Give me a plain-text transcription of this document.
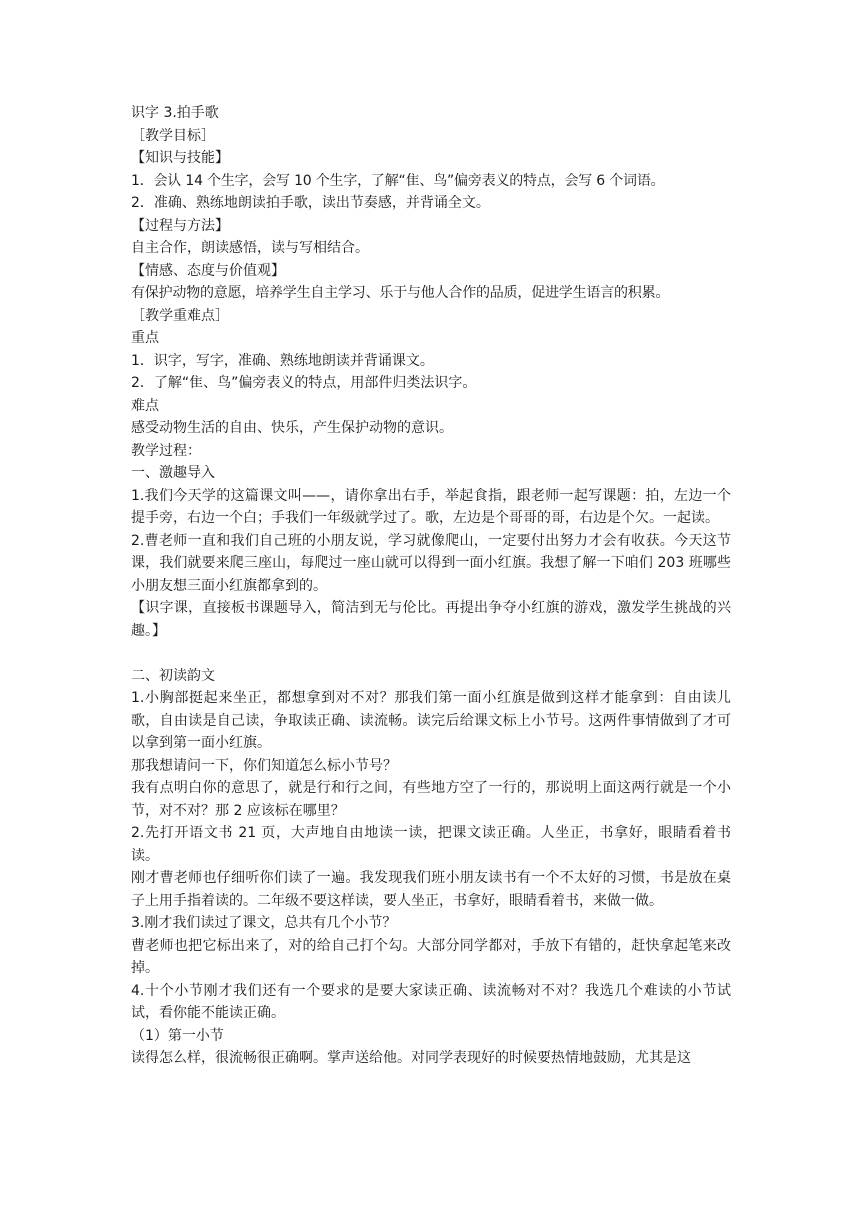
识字 3.拍手歌
［教学目标］
【知识与技能】
1．会认 14 个生字，会写 10 个生字，了解“隹、鸟”偏旁表义的特点，会写 6 个词语。
2．准确、熟练地朗读拍手歌，读出节奏感，并背诵全文。
【过程与方法】
自主合作，朗读感悟，读与写相结合。
【情感、态度与价值观】
有保护动物的意愿，培养学生自主学习、乐于与他人合作的品质，促进学生语言的积累。
［教学重难点］
重点
1．识字，写字，准确、熟练地朗读并背诵课文。
2．了解“隹、鸟”偏旁表义的特点，用部件归类法识字。
难点
感受动物生活的自由、快乐，产生保护动物的意识。
教学过程：
一、激趣导入
1.我们今天学的这篇课文叫——，请你拿出右手，举起食指，跟老师一起写课题：拍，左边一个提手旁，右边一个白；手我们一年级就学过了。歌，左边是个哥哥的哥，右边是个欠。一起读。
2.曹老师一直和我们自己班的小朋友说，学习就像爬山，一定要付出努力才会有收获。今天这节课，我们就要来爬三座山，每爬过一座山就可以得到一面小红旗。我想了解一下咱们 203 班哪些小朋友想三面小红旗都拿到的。
【识字课，直接板书课题导入，简洁到无与伦比。再提出争夺小红旗的游戏，激发学生挑战的兴趣。】
二、初读韵文
1.小胸部挺起来坐正，都想拿到对不对？那我们第一面小红旗是做到这样才能拿到：自由读儿歌，自由读是自己读，争取读正确、读流畅。读完后给课文标上小节号。这两件事情做到了才可以拿到第一面小红旗。
那我想请问一下，你们知道怎么标小节号？
我有点明白你的意思了，就是行和行之间，有些地方空了一行的，那说明上面这两行就是一个小节，对不对？那 2 应该标在哪里？
2.先打开语文书 21 页，大声地自由地读一读，把课文读正确。人坐正，书拿好，眼睛看着书读。
刚才曹老师也仔细听你们读了一遍。我发现我们班小朋友读书有一个不太好的习惯，书是放在桌子上用手指着读的。二年级不要这样读，要人坐正，书拿好，眼睛看着书，来做一做。
3.刚才我们读过了课文，总共有几个小节？
曹老师也把它标出来了，对的给自己打个勾。大部分同学都对，手放下有错的，赶快拿起笔来改掉。
4.十个小节刚才我们还有一个要求的是要大家读正确、读流畅对不对？我选几个难读的小节试试，看你能不能读正确。
（1）第一小节
读得怎么样，很流畅很正确啊。掌声送给他。对同学表现好的时候要热情地鼓励，尤其是这
